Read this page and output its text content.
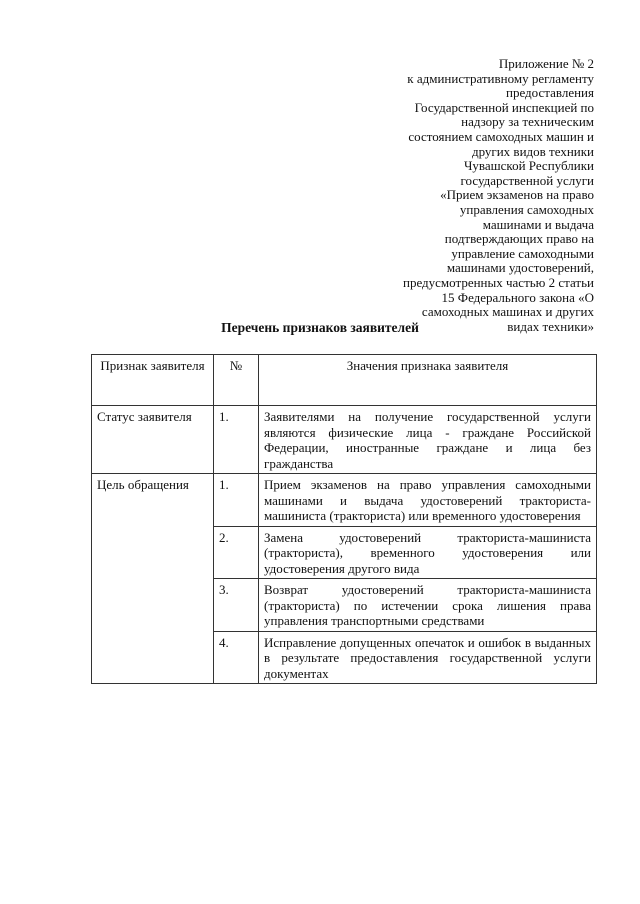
Приложение № 2
к административному регламенту
предоставления
Государственной инспекцией по
надзору за техническим
состоянием самоходных машин и
других видов техники
Чувашской Республики
государственной услуги
«Прием экзаменов на право
управления самоходных
машинами и выдача
подтверждающих право на
управление самоходными
машинами удостоверений,
предусмотренных частью 2 статьи
15 Федерального закона «О
самоходных машинах и других
видах техники»
Перечень признаков заявителей
Признак заявителя	№	Значения признака заявителя
Статус заявителя	1.	Заявителями на получение государственной услуги являются физические лица - граждане Российской Федерации, иностранные граждане и лица без гражданства
Цель обращения	1.	Прием экзаменов на право управления самоходными машинами и выдача удостоверений тракториста-машиниста (тракториста) или временного удостоверения
	2.	Замена удостоверений тракториста-машиниста (тракториста), временного удостоверения или удостоверения другого вида
	3.	Возврат удостоверений тракториста-машиниста (тракториста) по истечении срока лишения права управления транспортными средствами
	4.	Исправление допущенных опечаток и ошибок в выданных в результате предоставления государственной услуги документах
